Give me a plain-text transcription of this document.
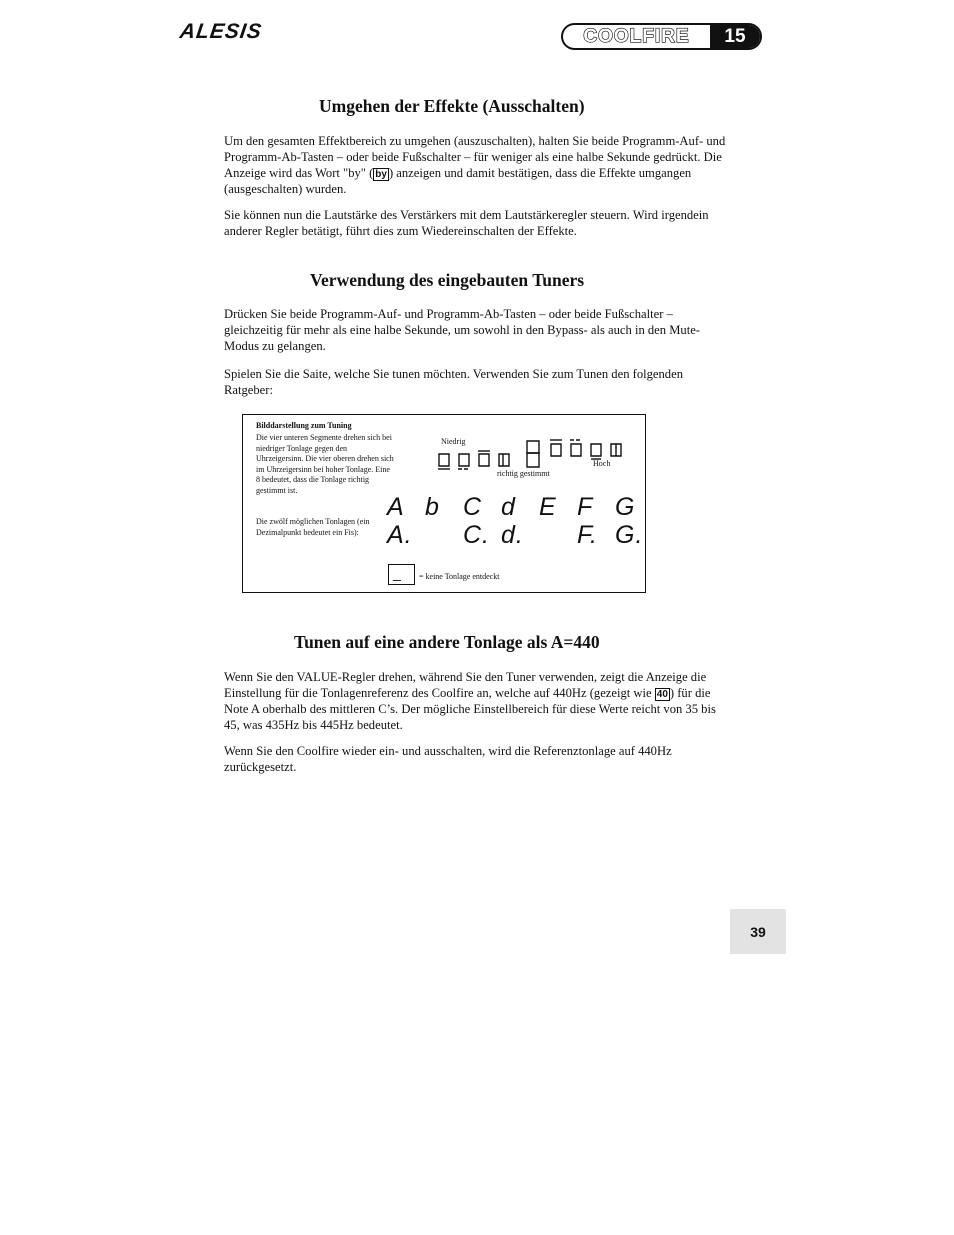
ALESIS	COOLFIRE	15
Umgehen der Effekte (Ausschalten)

Um den gesamten Effektbereich zu umgehen (auszuschalten), halten Sie beide Programm-Auf- und Programm-Ab-Tasten – oder beide Fußschalter – für weniger als eine halbe Sekunde gedrückt. Die Anzeige wird das Wort "by" ( by ) anzeigen und damit bestätigen, dass die Effekte umgangen (ausgeschalten) wurden.

Sie können nun die Lautstärke des Verstärkers mit dem Lautstärkeregler steuern. Wird irgendein anderer Regler betätigt, führt dies zum Wiedereinschalten der Effekte.

Verwendung des eingebauten Tuners

Drücken Sie beide Programm-Auf- und Programm-Ab-Tasten – oder beide Fußschalter – gleichzeitig für mehr als eine halbe Sekunde, um sowohl in den Bypass- als auch in den Mute-Modus zu gelangen.

Spielen Sie die Saite, welche Sie tunen möchten. Verwenden Sie zum Tunen den folgenden Ratgeber:

Bilddarstellung zum Tuning
Die vier unteren Segmente drehen sich bei niedriger Tonlage gegen den Uhrzeigersinn. Die vier oberen drehen sich im Uhrzeigersinn bei hoher Tonlage. Eine 8 bedeutet, dass die Tonlage richtig gestimmt ist.
Niedrig
Hoch
richtig gestimmt
Die zwölf möglichen Tonlagen (ein Dezimalpunkt bedeutet ein Fis):
A b C d E F G
A. C. d. F. G.
_	= keine Tonlage entdeckt
Tunen auf eine andere Tonlage als A=440

Wenn Sie den VALUE-Regler drehen, während Sie den Tuner verwenden, zeigt die Anzeige die Einstellung für die Tonlagenreferenz des Coolfire an, welche auf 440Hz (gezeigt wie 40 ) für die Note A oberhalb des mittleren C’s. Der mögliche Einstellbereich für diese Werte reicht von 35 bis 45, was 435Hz bis 445Hz bedeutet.

Wenn Sie den Coolfire wieder ein- und ausschalten, wird die Referenztonlage auf 440Hz zurückgesetzt.

39
